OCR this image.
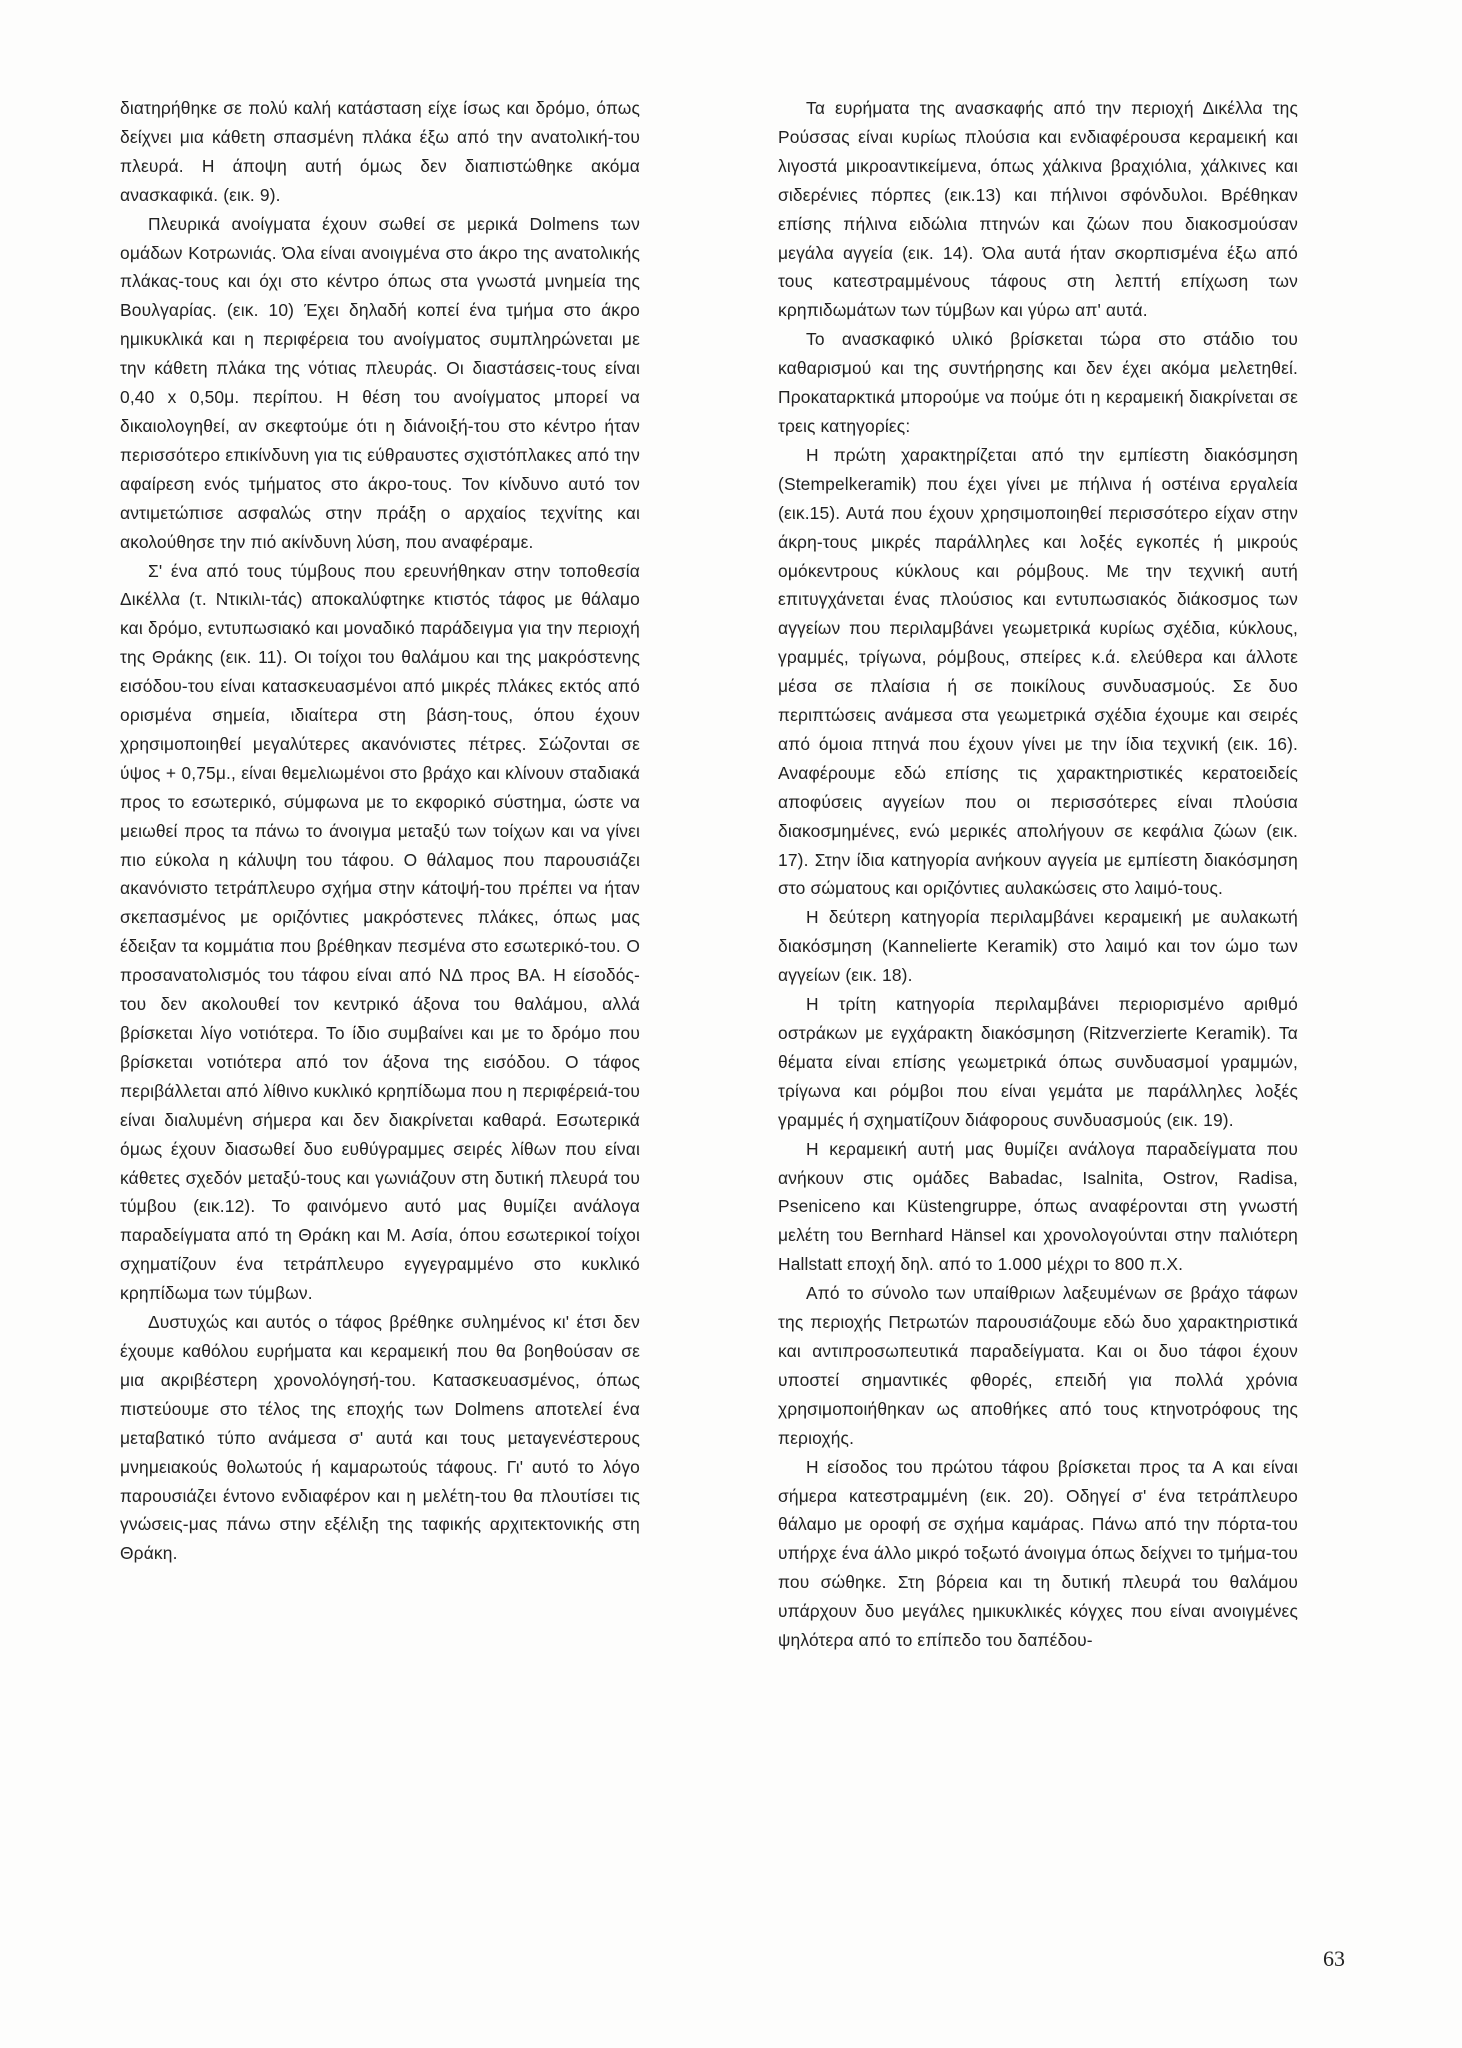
διατηρήθηκε σε πολύ καλή κατάσταση είχε ίσως και δρόμο, όπως δείχνει μια κάθετη σπασμένη πλάκα έξω από την ανατολική-του πλευρά. Η άποψη αυτή όμως δεν διαπιστώθηκε ακόμα ανασκαφικά. (εικ. 9).

Πλευρικά ανοίγματα έχουν σωθεί σε μερικά Dolmens των ομάδων Κοτρωνιάς. Όλα είναι ανοιγμένα στο άκρο της ανατολικής πλάκας-τους και όχι στο κέντρο όπως στα γνωστά μνημεία της Βουλγαρίας. (εικ. 10) Έχει δηλαδή κοπεί ένα τμήμα στο άκρο ημικυκλικά και η περιφέρεια του ανοίγματος συμπληρώνεται με την κάθετη πλάκα της νότιας πλευράς. Οι διαστάσεις-τους είναι 0,40 x 0,50μ. περίπου. Η θέση του ανοίγματος μπορεί να δικαιολογηθεί, αν σκεφτούμε ότι η διάνοιξή-του στο κέντρο ήταν περισσότερο επικίνδυνη για τις εύθραυστες σχιστόπλακες από την αφαίρεση ενός τμήματος στο άκρο-τους. Τον κίνδυνο αυτό τον αντιμετώπισε ασφαλώς στην πράξη ο αρχαίος τεχνίτης και ακολούθησε την πιό ακίνδυνη λύση, που αναφέραμε.

Σ' ένα από τους τύμβους που ερευνήθηκαν στην τοποθεσία Δικέλλα (τ. Ντικιλι-τάς) αποκαλύφτηκε κτιστός τάφος με θάλαμο και δρόμο, εντυπωσιακό και μοναδικό παράδειγμα για την περιοχή της Θράκης (εικ. 11). Οι τοίχοι του θαλάμου και της μακρόστενης εισόδου-του είναι κατασκευασμένοι από μικρές πλάκες εκτός από ορισμένα σημεία, ιδιαίτερα στη βάση-τους, όπου έχουν χρησιμοποιηθεί μεγαλύτερες ακανόνιστες πέτρες. Σώζονται σε ύψος + 0,75μ., είναι θεμελιωμένοι στο βράχο και κλίνουν σταδιακά προς το εσωτερικό, σύμφωνα με το εκφορικό σύστημα, ώστε να μειωθεί προς τα πάνω το άνοιγμα μεταξύ των τοίχων και να γίνει πιο εύκολα η κάλυψη του τάφου. Ο θάλαμος που παρουσιάζει ακανόνιστο τετράπλευρο σχήμα στην κάτοψή-του πρέπει να ήταν σκεπασμένος με οριζόντιες μακρόστενες πλάκες, όπως μας έδειξαν τα κομμάτια που βρέθηκαν πεσμένα στο εσωτερικό-του. Ο προσανατολισμός του τάφου είναι από ΝΔ προς ΒΑ. Η είσοδός-του δεν ακολουθεί τον κεντρικό άξονα του θαλάμου, αλλά βρίσκεται λίγο νοτιότερα. Το ίδιο συμβαίνει και με το δρόμο που βρίσκεται νοτιότερα από τον άξονα της εισόδου. Ο τάφος περιβάλλεται από λίθινο κυκλικό κρηπίδωμα που η περιφέρειά-του είναι διαλυμένη σήμερα και δεν διακρίνεται καθαρά. Εσωτερικά όμως έχουν διασωθεί δυο ευθύγραμμες σειρές λίθων που είναι κάθετες σχεδόν μεταξύ-τους και γωνιάζουν στη δυτική πλευρά του τύμβου (εικ.12). Το φαινόμενο αυτό μας θυμίζει ανάλογα παραδείγματα από τη Θράκη και Μ. Ασία, όπου εσωτερικοί τοίχοι σχηματίζουν ένα τετράπλευρο εγγεγραμμένο στο κυκλικό κρηπίδωμα των τύμβων.

Δυστυχώς και αυτός ο τάφος βρέθηκε συλημένος κι' έτσι δεν έχουμε καθόλου ευρήματα και κεραμεική που θα βοηθούσαν σε μια ακριβέστερη χρονολόγησή-του. Κατασκευασμένος, όπως πιστεύουμε στο τέλος της εποχής των Dolmens αποτελεί ένα μεταβατικό τύπο ανάμεσα σ' αυτά και τους μεταγενέστερους μνημειακούς θολωτούς ή καμαρωτούς τάφους. Γι' αυτό το λόγο παρουσιάζει έντονο ενδιαφέρον και η μελέτη-του θα πλουτίσει τις γνώσεις-μας πάνω στην εξέλιξη της ταφικής αρχιτεκτονικής στη Θράκη.

Τα ευρήματα της ανασκαφής από την περιοχή Δικέλλα της Ρούσσας είναι κυρίως πλούσια και ενδιαφέρουσα κεραμεική και λιγοστά μικροαντικείμενα, όπως χάλκινα βραχιόλια, χάλκινες και σιδερένιες πόρπες (εικ.13) και πήλινοι σφόνδυλοι. Βρέθηκαν επίσης πήλινα ειδώλια πτηνών και ζώων που διακοσμούσαν μεγάλα αγγεία (εικ. 14). Όλα αυτά ήταν σκορπισμένα έξω από τους κατεστραμμένους τάφους στη λεπτή επίχωση των κρηπιδωμάτων των τύμβων και γύρω απ' αυτά.

Το ανασκαφικό υλικό βρίσκεται τώρα στο στάδιο του καθαρισμού και της συντήρησης και δεν έχει ακόμα μελετηθεί. Προκαταρκτικά μπορούμε να πούμε ότι η κεραμεική διακρίνεται σε τρεις κατηγορίες:

Η πρώτη χαρακτηρίζεται από την εμπίεστη διακόσμηση (Stempelkeramik) που έχει γίνει με πήλινα ή οστέινα εργαλεία (εικ.15). Αυτά που έχουν χρησιμοποιηθεί περισσότερο είχαν στην άκρη-τους μικρές παράλληλες και λοξές εγκοπές ή μικρούς ομόκεντρους κύκλους και ρόμβους. Με την τεχνική αυτή επιτυγχάνεται ένας πλούσιος και εντυπωσιακός διάκοσμος των αγγείων που περιλαμβάνει γεωμετρικά κυρίως σχέδια, κύκλους, γραμμές, τρίγωνα, ρόμβους, σπείρες κ.ά. ελεύθερα και άλλοτε μέσα σε πλαίσια ή σε ποικίλους συνδυασμούς. Σε δυο περιπτώσεις ανάμεσα στα γεωμετρικά σχέδια έχουμε και σειρές από όμοια πτηνά που έχουν γίνει με την ίδια τεχνική (εικ. 16). Αναφέρουμε εδώ επίσης τις χαρακτηριστικές κερατοειδείς αποφύσεις αγγείων που οι περισσότερες είναι πλούσια διακοσμημένες, ενώ μερικές απολήγουν σε κεφάλια ζώων (εικ. 17). Στην ίδια κατηγορία ανήκουν αγγεία με εμπίεστη διακόσμηση στο σώματους και οριζόντιες αυλακώσεις στο λαιμό-τους.

Η δεύτερη κατηγορία περιλαμβάνει κεραμεική με αυλακωτή διακόσμηση (Kannelierte Keramik) στο λαιμό και τον ώμο των αγγείων (εικ. 18).

Η τρίτη κατηγορία περιλαμβάνει περιορισμένο αριθμό οστράκων με εγχάρακτη διακόσμηση (Ritzverzierte Keramik). Τα θέματα είναι επίσης γεωμετρικά όπως συνδυασμοί γραμμών, τρίγωνα και ρόμβοι που είναι γεμάτα με παράλληλες λοξές γραμμές ή σχηματίζουν διάφορους συνδυασμούς (εικ. 19).

Η κεραμεική αυτή μας θυμίζει ανάλογα παραδείγματα που ανήκουν στις ομάδες Babadac, Isalnita, Ostrov, Radisa, Pseniceno και Küstengruppe, όπως αναφέρονται στη γνωστή μελέτη του Bernhard Hänsel και χρονολογούνται στην παλιότερη Hallstatt εποχή δηλ. από το 1.000 μέχρι το 800 π.Χ.

Από το σύνολο των υπαίθριων λαξευμένων σε βράχο τάφων της περιοχής Πετρωτών παρουσιάζουμε εδώ δυο χαρακτηριστικά και αντιπροσωπευτικά παραδείγματα. Και οι δυο τάφοι έχουν υποστεί σημαντικές φθορές, επειδή για πολλά χρόνια χρησιμοποιήθηκαν ως αποθήκες από τους κτηνοτρόφους της περιοχής.

Η είσοδος του πρώτου τάφου βρίσκεται προς τα Α και είναι σήμερα κατεστραμμένη (εικ. 20). Οδηγεί σ' ένα τετράπλευρο θάλαμο με οροφή σε σχήμα καμάρας. Πάνω από την πόρτα-του υπήρχε ένα άλλο μικρό τοξωτό άνοιγμα όπως δείχνει το τμήμα-του που σώθηκε. Στη βόρεια και τη δυτική πλευρά του θαλάμου υπάρχουν δυο μεγάλες ημικυκλικές κόγχες που είναι ανοιγμένες ψηλότερα από το επίπεδο του δαπέδου-

63
